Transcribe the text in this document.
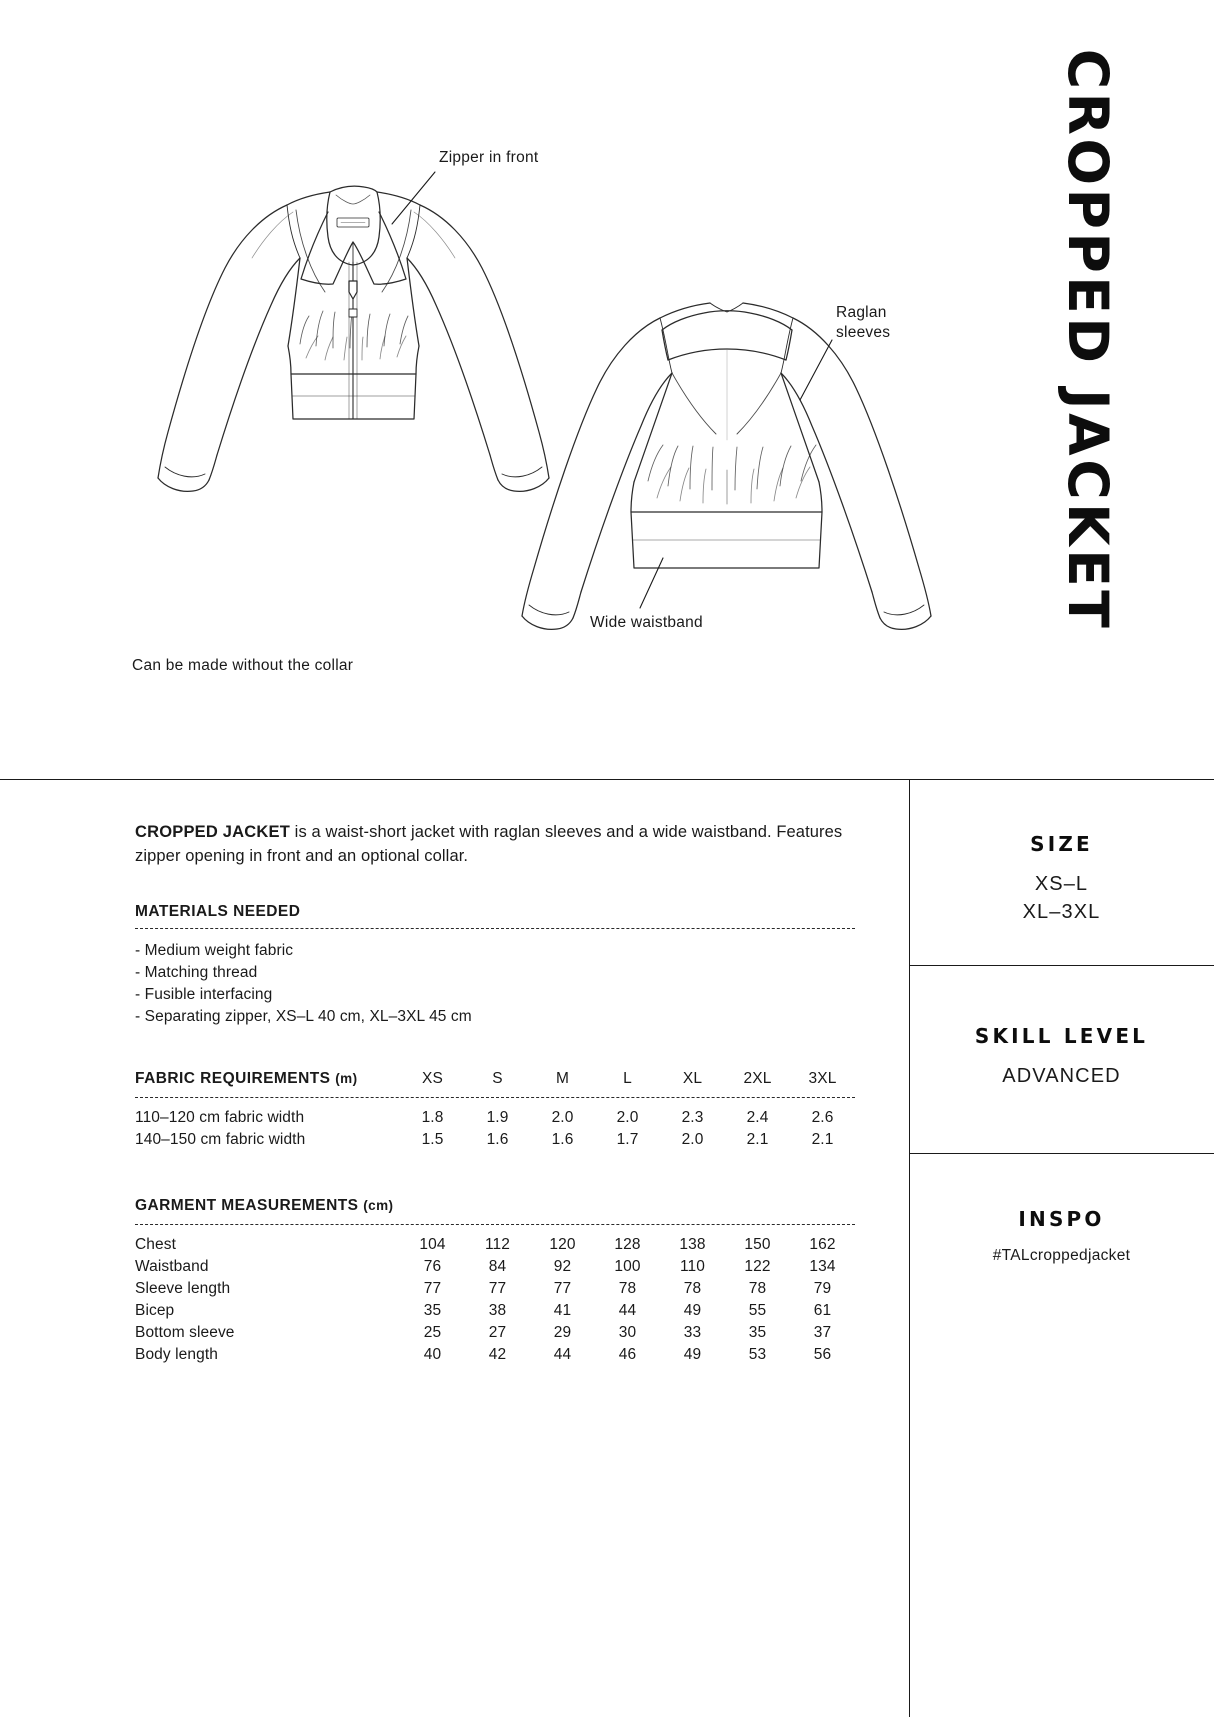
CROPPED JACKET
Zipper in front
Raglan sleeves
Wide waistband
Can be made without the collar

CROPPED JACKET is a waist-short jacket with raglan sleeves and a wide waistband. Features zipper opening in front and an optional collar.

MATERIALS NEEDED
- Medium weight fabric
- Matching thread
- Fusible interfacing
- Separating zipper, XS–L 40 cm, XL–3XL 45 cm
FABRIC REQUIREMENTS (m)	XS	S	M	L	XL	2XL	3XL

110–120 cm fabric width	1.8	1.9	2.0	2.0	2.3	2.4	2.6
140–150 cm fabric width	1.5	1.6	1.6	1.7	2.0	2.1	2.1
GARMENT MEASUREMENTS (cm)							

Chest	104	112	120	128	138	150	162
Waistband	76	84	92	100	110	122	134
Sleeve length	77	77	77	78	78	78	79
Bicep	35	38	41	44	49	55	61
Bottom sleeve	25	27	29	30	33	35	37
Body length	40	42	44	46	49	53	56
SIZE
XS–L
XL–3XL
SKILL LEVEL
ADVANCED
INSPO
#TALcroppedjacket
